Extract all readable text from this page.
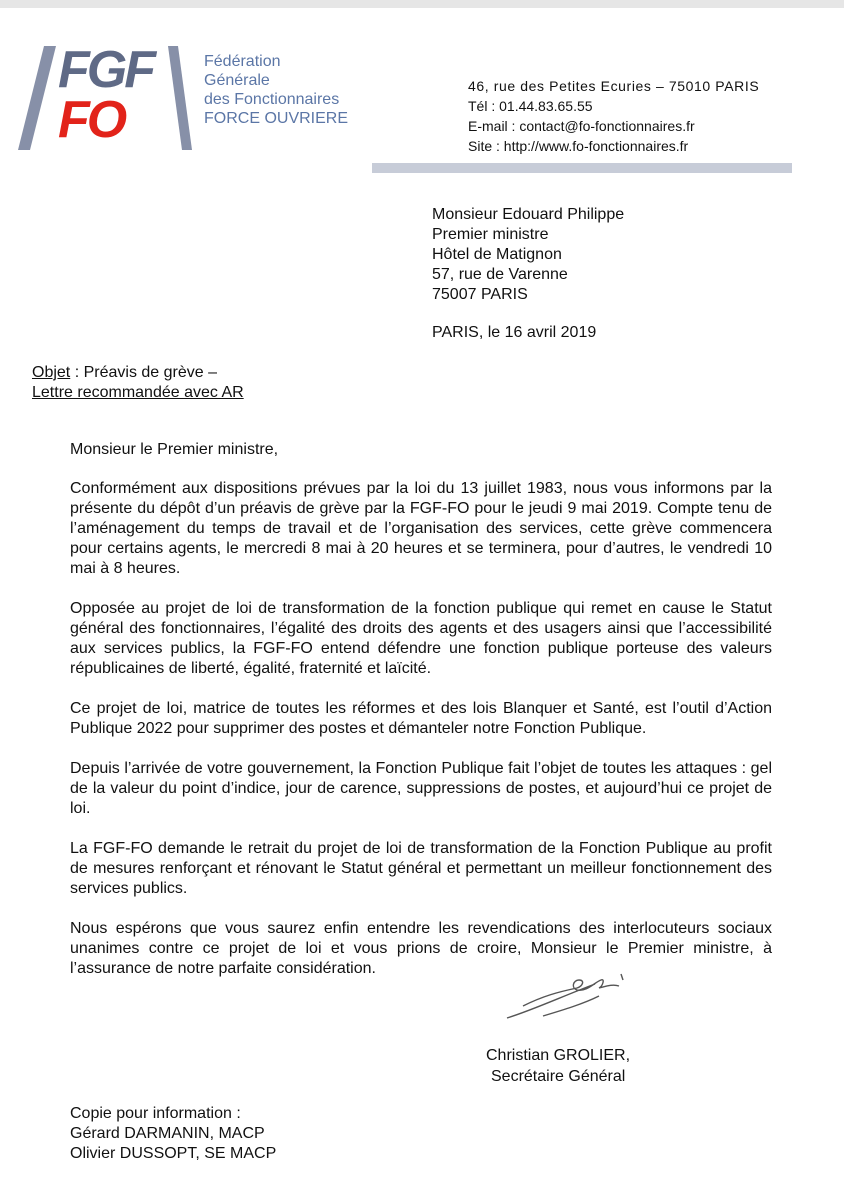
FGF
FO
Fédération
Générale
des Fonctionnaires
FORCE OUVRIERE
46, rue des Petites Ecuries – 75010 PARIS
Tél : 01.44.83.65.55
E-mail : contact@fo-fonctionnaires.fr
Site : http://www.fo-fonctionnaires.fr
Monsieur Edouard Philippe
Premier ministre
Hôtel de Matignon
57, rue de Varenne
75007 PARIS
PARIS, le 16 avril 2019
Objet : Préavis de grève –
Lettre recommandée avec AR
Monsieur le Premier ministre,

Conformément aux dispositions prévues par la loi du 13 juillet 1983, nous vous informons par la présente du dépôt d’un préavis de grève par la FGF-FO pour le jeudi 9 mai 2019. Compte tenu de l’aménagement du temps de travail et de l’organisation des services, cette grève commencera pour certains agents, le mercredi 8 mai à 20 heures et se terminera, pour d’autres, le vendredi 10 mai à 8 heures.

Opposée au projet de loi de transformation de la fonction publique qui remet en cause le Statut général des fonctionnaires, l’égalité des droits des agents et des usagers ainsi que l’accessibilité aux services publics, la FGF-FO entend défendre une fonction publique porteuse des valeurs républicaines de liberté, égalité, fraternité et laïcité.

Ce projet de loi, matrice de toutes les réformes et des lois Blanquer et Santé, est l’outil d’Action Publique 2022 pour supprimer des postes et démanteler notre Fonction Publique.

Depuis l’arrivée de votre gouvernement, la Fonction Publique fait l’objet de toutes les attaques : gel de la valeur du point d’indice, jour de carence, suppressions de postes, et aujourd’hui ce projet de loi.

La FGF-FO demande le retrait du projet de loi de transformation de la Fonction Publique au profit de mesures renforçant et rénovant le Statut général et permettant un meilleur fonctionnement des services publics.

Nous espérons que vous saurez enfin entendre les revendications des interlocuteurs sociaux unanimes contre ce projet de loi et vous prions de croire, Monsieur le Premier ministre, à l’assurance de notre parfaite considération.

Christian GROLIER,
Secrétaire Général
Copie pour information :
Gérard DARMANIN, MACP
Olivier DUSSOPT, SE MACP
